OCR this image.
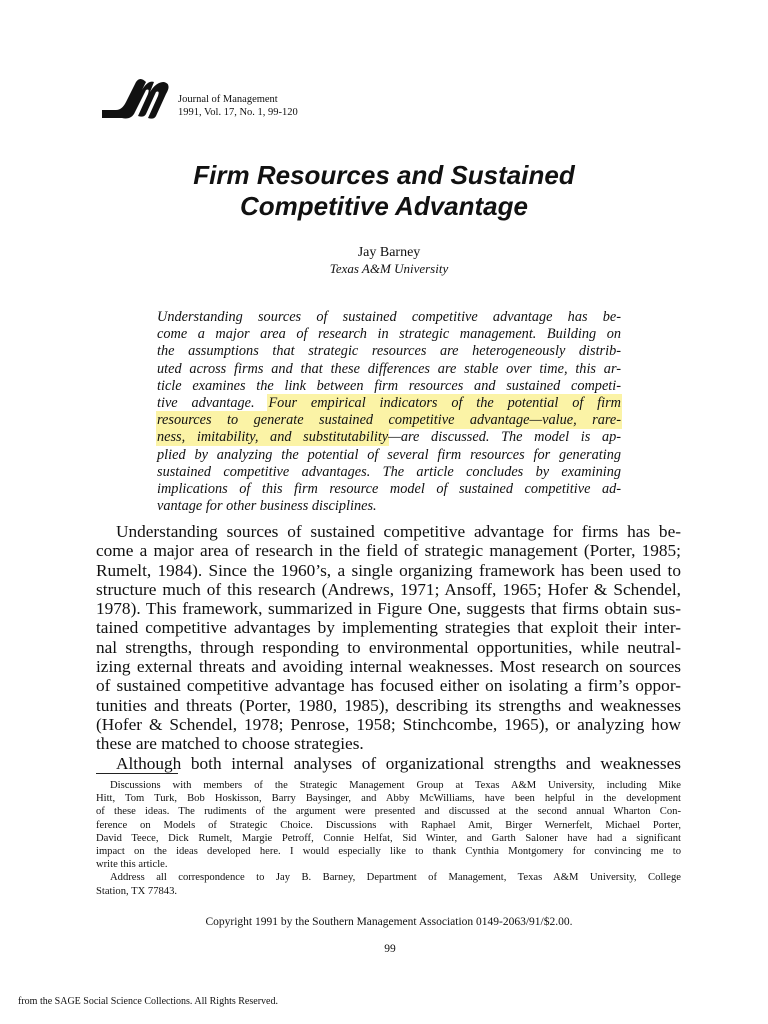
Journal of Management
1991, Vol. 17, No. 1, 99-120
Firm Resources and Sustained
Competitive Advantage
Jay Barney
Texas A&M University
Understanding sources of sustained competitive advantage has be-
come a major area of research in strategic management. Building on
the assumptions that strategic resources are heterogeneously distrib-
uted across firms and that these differences are stable over time, this ar-
ticle examines the link between firm resources and sustained competi-
tive advantage. Four empirical indicators of the potential of firm
resources to generate sustained competitive advantage—value, rare-
ness, imitability, and substitutability—are discussed. The model is ap-
plied by analyzing the potential of several firm resources for generating
sustained competitive advantages. The article concludes by examining
implications of this firm resource model of sustained competitive ad-
vantage for other business disciplines.
Understanding sources of sustained competitive advantage for firms has be-
come a major area of research in the field of strategic management (Porter, 1985;
Rumelt, 1984). Since the 1960’s, a single organizing framework has been used to
structure much of this research (Andrews, 1971; Ansoff, 1965; Hofer & Schendel,
1978). This framework, summarized in Figure One, suggests that firms obtain sus-
tained competitive advantages by implementing strategies that exploit their inter-
nal strengths, through responding to environmental opportunities, while neutral-
izing external threats and avoiding internal weaknesses. Most research on sources
of sustained competitive advantage has focused either on isolating a firm’s oppor-
tunities and threats (Porter, 1980, 1985), describing its strengths and weaknesses
(Hofer & Schendel, 1978; Penrose, 1958; Stinchcombe, 1965), or analyzing how
these are matched to choose strategies.
Although both internal analyses of organizational strengths and weaknesses
Discussions with members of the Strategic Management Group at Texas A&M University, including Mike
Hitt, Tom Turk, Bob Hoskisson, Barry Baysinger, and Abby McWilliams, have been helpful in the development
of these ideas. The rudiments of the argument were presented and discussed at the second annual Wharton Con-
ference on Models of Strategic Choice. Discussions with Raphael Amit, Birger Wernerfelt, Michael Porter,
David Teece, Dick Rumelt, Margie Petroff, Connie Helfat, Sid Winter, and Garth Saloner have had a significant
impact on the ideas developed here. I would especially like to thank Cynthia Montgomery for convincing me to
write this article.
Address all correspondence to Jay B. Barney, Department of Management, Texas A&M University, College
Station, TX 77843.
Copyright 1991 by the Southern Management Association 0149-2063/91/$2.00.
99
from the SAGE Social Science Collections. All Rights Reserved.
